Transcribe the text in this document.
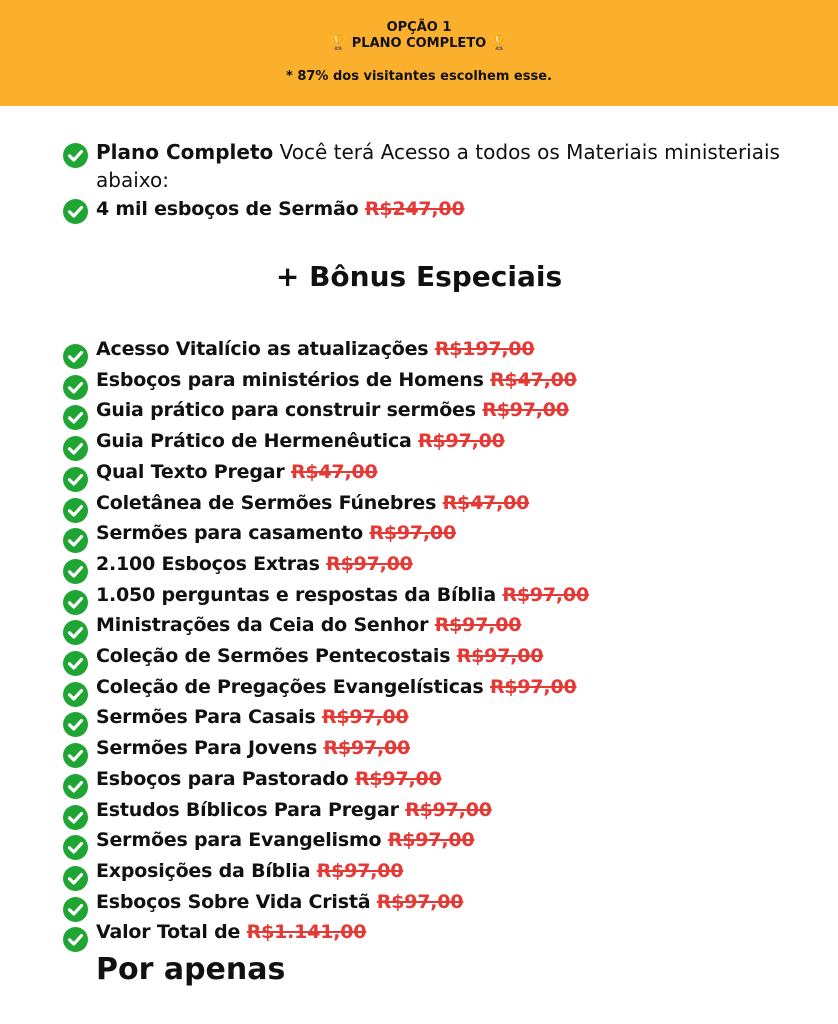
OPÇÃO 1
🏆 PLANO COMPLETO 🏆
* 87% dos visitantes escolhem esse.
Plano Completo Você terá Acesso a todos os Materiais ministeriais abaixo:
4 mil esboços de Sermão R$247,00
+ Bônus Especiais
Acesso Vitalício as atualizações R$197,00
Esboços para ministérios de Homens R$47,00
Guia prático para construir sermões R$97,00
Guia Prático de Hermenêutica R$97,00
Qual Texto Pregar R$47,00
Coletânea de Sermões Fúnebres R$47,00
Sermões para casamento R$97,00
2.100 Esboços Extras R$97,00
1.050 perguntas e respostas da Bíblia R$97,00
Ministrações da Ceia do Senhor R$97,00
Coleção de Sermões Pentecostais R$97,00
Coleção de Pregações Evangelísticas R$97,00
Sermões Para Casais R$97,00
Sermões Para Jovens R$97,00
Esboços para Pastorado R$97,00
Estudos Bíblicos Para Pregar R$97,00
Sermões para Evangelismo R$97,00
Exposições da Bíblia R$97,00
Esboços Sobre Vida Cristã R$97,00
Valor Total de R$1.141,00
Por apenas
